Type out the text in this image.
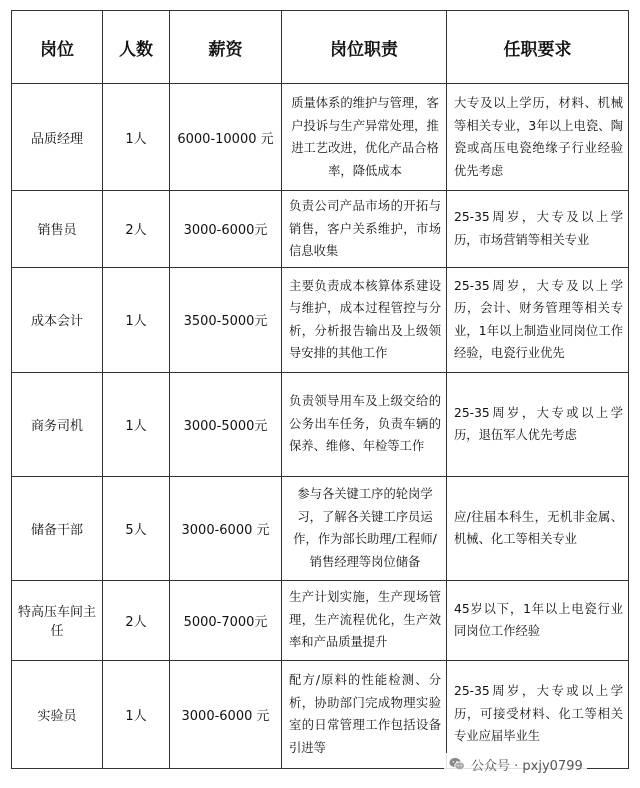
岗位	人数	薪资	岗位职责	任职要求
品质经理	1人	6000-10000 元	质量体系的维护与管理，客户投诉与生产异常处理，推进工艺改进，优化产品合格率，降低成本	大专及以上学历，材料、机械等相关专业，3年以上电瓷、陶瓷或高压电瓷绝缘子行业经验优先考虑
销售员	2人	3000-6000元	负责公司产品市场的开拓与销售，客户关系维护，市场信息收集	25-35周岁，大专及以上学历，市场营销等相关专业
成本会计	1人	3500-5000元	主要负责成本核算体系建设与维护，成本过程管控与分析，分析报告输出及上级领导安排的其他工作	25-35周岁，大专及以上学历，会计、财务管理等相关专业，1年以上制造业同岗位工作经验，电瓷行业优先
商务司机	1人	3000-5000元	负责领导用车及上级交给的公务出车任务，负责车辆的保养、维修、年检等工作	25-35周岁，大专或以上学历，退伍军人优先考虑
储备干部	5人	3000-6000 元	参与各关键工序的轮岗学习，了解各关键工序员运作，作为部长助理/工程师/销售经理等岗位储备	应/往届本科生，无机非金属、机械、化工等相关专业
特高压车间主任	2人	5000-7000元	生产计划实施，生产现场管理，生产流程优化，生产效率和产品质量提升	45岁以下，1年以上电瓷行业同岗位工作经验
实验员	1人	3000-6000 元	配方/原料的性能检测、分析，协助部门完成物理实验室的日常管理工作包括设备引进等	25-35周岁，大专或以上学历，可接受材料、化工等相关专业应届毕业生
公众号 · pxjy0799
